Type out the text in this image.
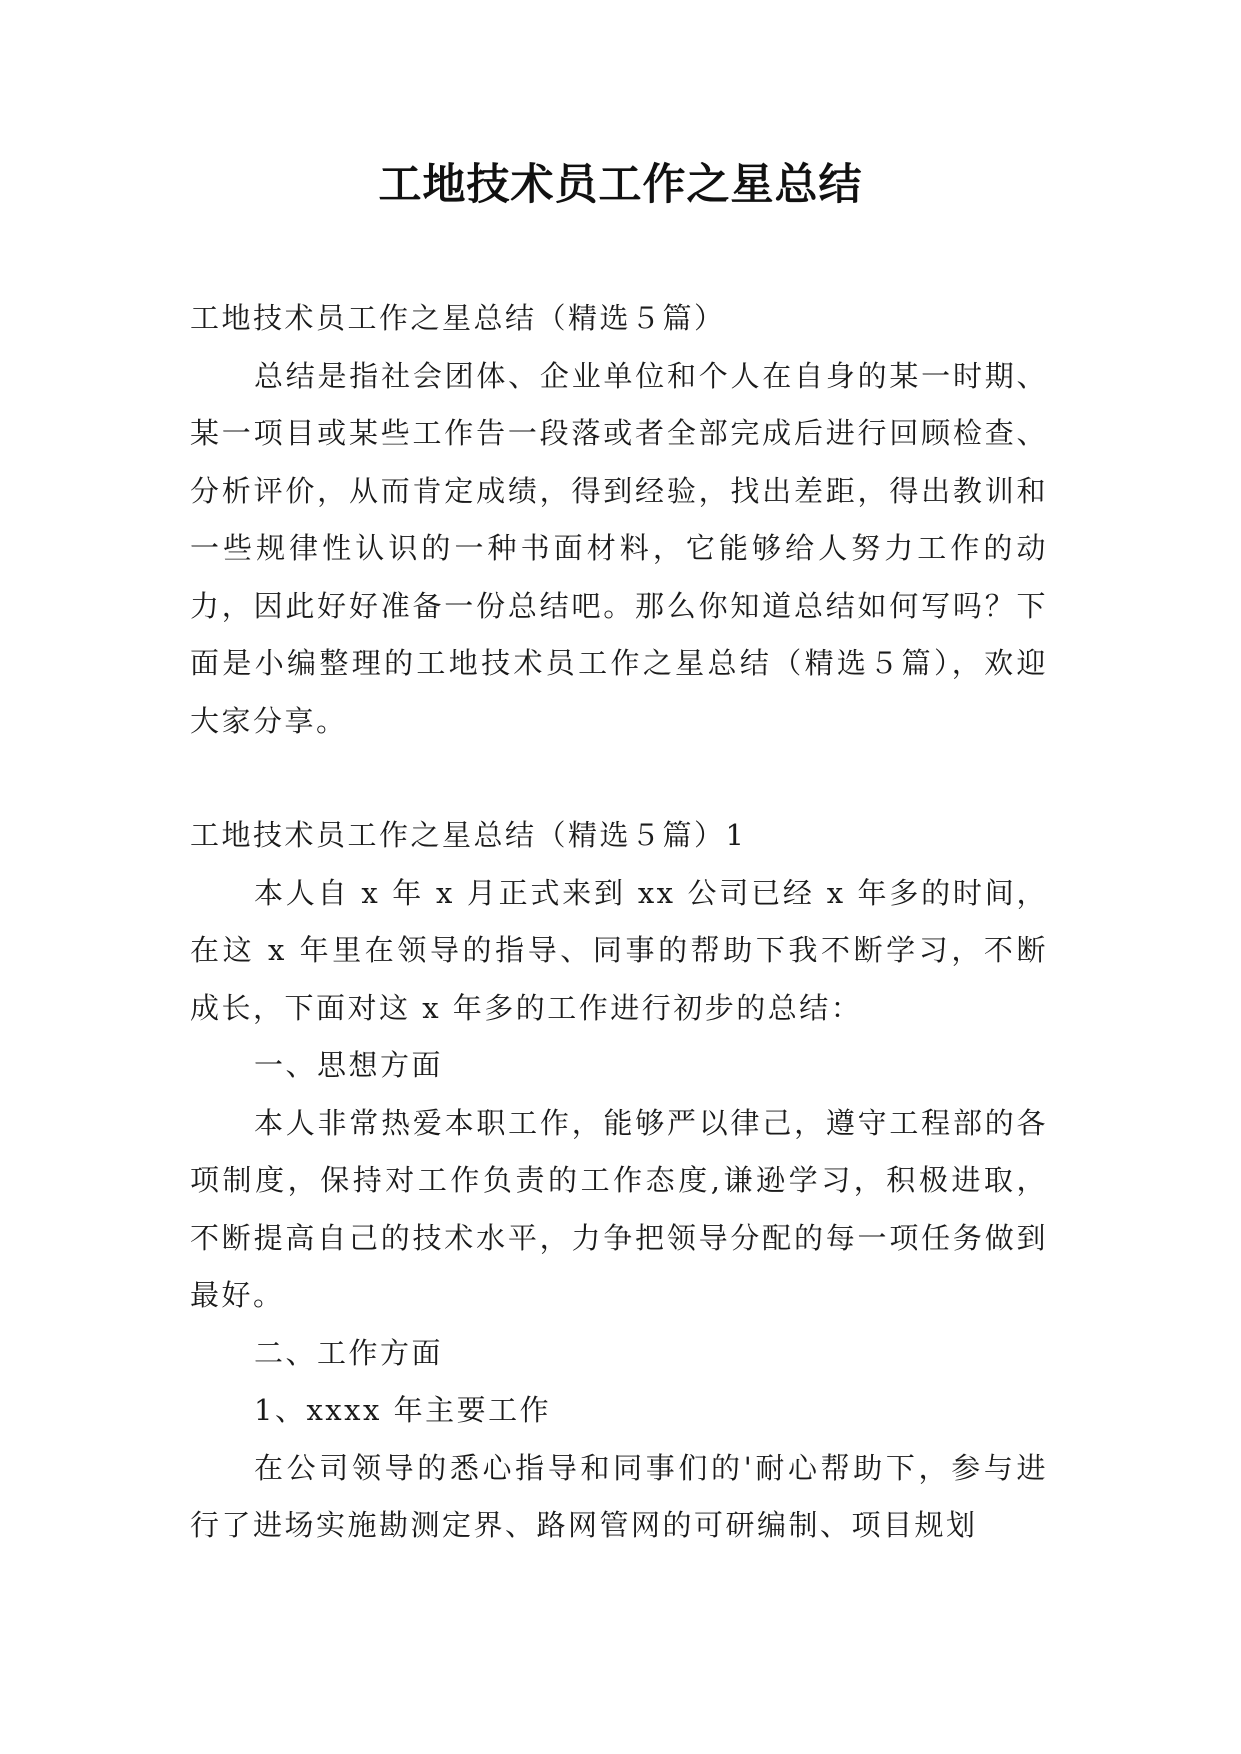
工地技术员工作之星总结

工地技术员工作之星总结（精选５篇）

总结是指社会团体、企业单位和个人在自身的某一时期、某一项目或某些工作告一段落或者全部完成后进行回顾检查、分析评价，从而肯定成绩，得到经验，找出差距，得出教训和一些规律性认识的一种书面材料，它能够给人努力工作的动力，因此好好准备一份总结吧。那么你知道总结如何写吗？下面是小编整理的工地技术员工作之星总结（精选５篇），欢迎大家分享。

工地技术员工作之星总结（精选５篇）1

本人自 x 年 x 月正式来到 xx 公司已经 x 年多的时间，在这 x 年里在领导的指导、同事的帮助下我不断学习，不断成长，下面对这 x 年多的工作进行初步的总结：

一、思想方面

本人非常热爱本职工作，能够严以律己，遵守工程部的各项制度，保持对工作负责的工作态度,谦逊学习，积极进取，不断提高自己的技术水平，力争把领导分配的每一项任务做到最好。

二、工作方面

1、xxxx 年主要工作

在公司领导的悉心指导和同事们的'耐心帮助下，参与进行了进场实施勘测定界、路网管网的可研编制、项目规划
